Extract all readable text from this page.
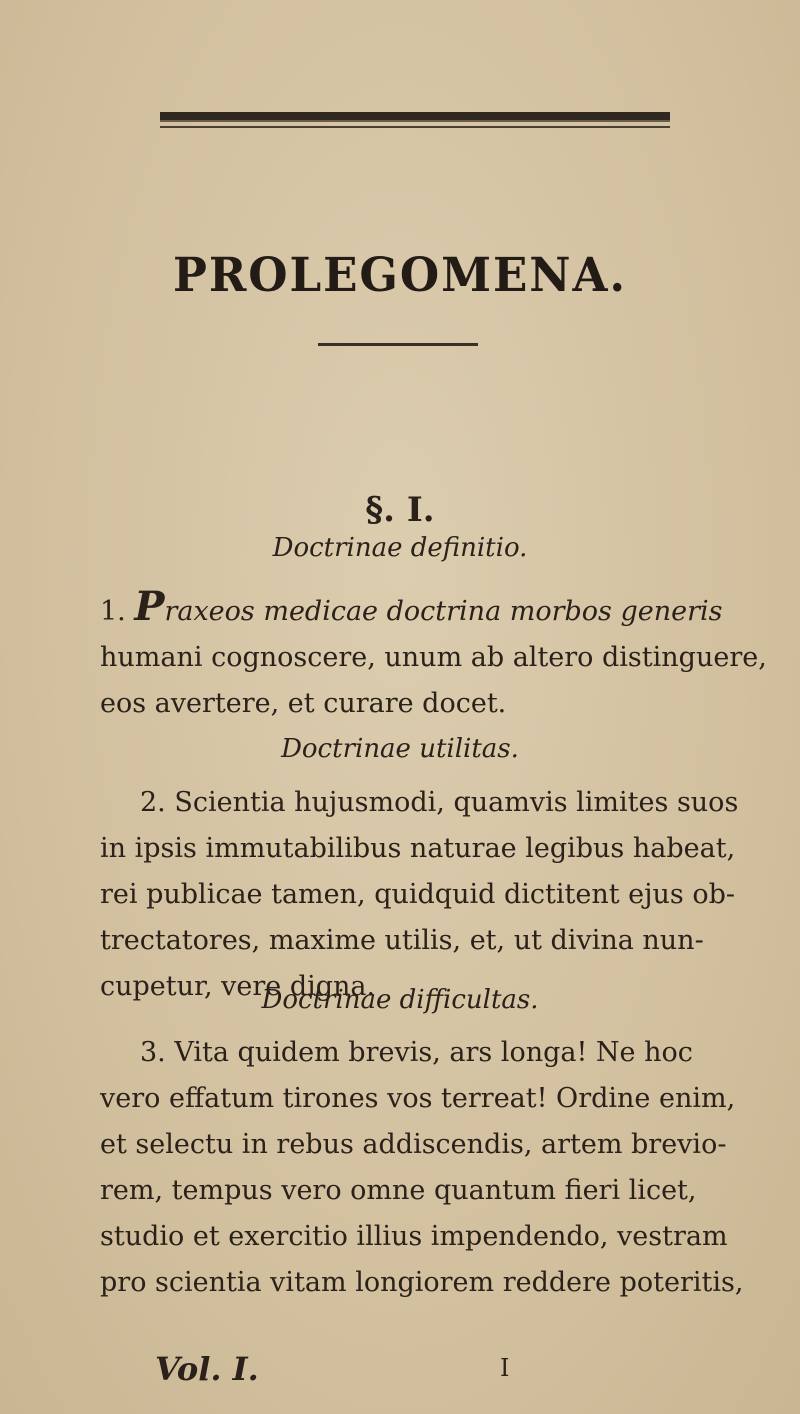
PROLEGOMENA.
§. I.
Doctrinae definitio.
1. Praxeos medicae doctrina morbos generis
humani cognoscere, unum ab altero distinguere,
eos avertere, et curare docet.
Doctrinae utilitas.
2. Scientia hujusmodi, quamvis limites suos
in ipsis immutabilibus naturae legibus habeat,
rei publicae tamen, quidquid dictitent ejus ob-
trectatores, maxime utilis, et, ut divina nun-
cupetur, vere digna.
Doctrinae difficultas.
3. Vita quidem brevis, ars longa! Ne hoc
vero effatum tirones vos terreat! Ordine enim,
et selectu in rebus addiscendis, artem brevio-
rem, tempus vero omne quantum fieri licet,
studio et exercitio illius impendendo, vestram
pro scientia vitam longiorem reddere poteritis,
Vol. I.	I
